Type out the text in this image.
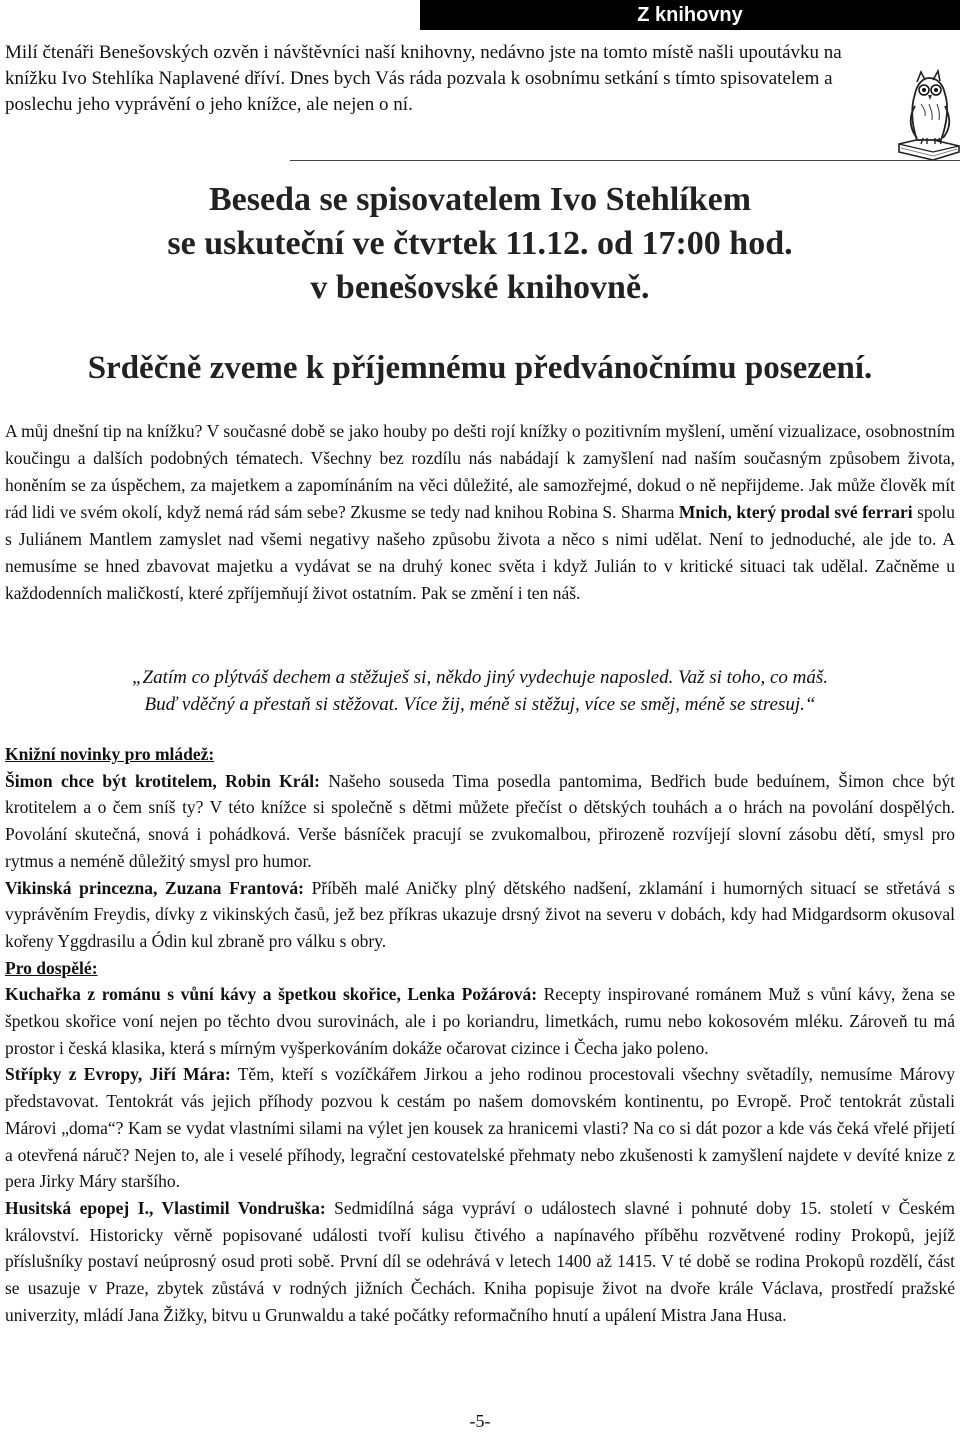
Z knihovny
Milí čtenáři Benešovských ozvěn i návštěvníci naší knihovny, nedávno jste na tomto místě našli upoutávku na knížku Ivo Stehlíka Naplavené dříví. Dnes bych Vás ráda pozvala k osobnímu setkání s tímto spisovatelem a poslechu jeho vyprávění o jeho knížce, ale nejen o ní.
Beseda se spisovatelem Ivo Stehlíkem
se uskuteční ve čtvrtek 11.12. od 17:00 hod.
v benešovské knihovně.
Srděčně zveme k příjemnému předvánočnímu posezení.
A můj dnešní tip na knížku? V současné době se jako houby po dešti rojí knížky o pozitivním myšlení, umění vizualizace, osobnostním koučingu a dalších podobných tématech. Všechny bez rozdílu nás nabádají k zamyšlení nad naším současným způsobem života, honěním se za úspěchem, za majetkem a zapomínáním na věci důležité, ale samozřejmé, dokud o ně nepřijdeme. Jak může člověk mít rád lidi ve svém okolí, když nemá rád sám sebe? Zkusme se tedy nad knihou Robina S. Sharma Mnich, který prodal své ferrari spolu s Juliánem Mantlem zamyslet nad všemi negativy našeho způsobu života a něco s nimi udělat. Není to jednoduché, ale jde to. A nemusíme se hned zbavovat majetku a vydávat se na druhý konec světa i když Julián to v kritické situaci tak udělal. Začněme u každodenních maličkostí, které zpříjemňují život ostatním. Pak se změní i ten náš.
„Zatím co plýtváš dechem a stěžuješ si, někdo jiný vydechuje naposled. Važ si toho, co máš.
Buď vděčný a přestaň si stěžovat. Více žij, méně si stěžuj, více se směj, méně se stresuj.“

Knižní novinky pro mládež:

Šimon chce být krotitelem, Robin Král: Našeho souseda Tima posedla pantomima, Bedřich bude beduínem, Šimon chce být krotitelem a o čem sníš ty? V této knížce si společně s dětmi můžete přečíst o dětských touhách a o hrách na povolání dospělých. Povolání skutečná, snová i pohádková. Verše básníček pracují se zvukomalbou, přirozeně rozvíjejí slovní zásobu dětí, smysl pro rytmus a neméně důležitý smysl pro humor.

Vikinská princezna, Zuzana Frantová: Příběh malé Aničky plný dětského nadšení, zklamání i humorných situací se střetává s vyprávěním Freydis, dívky z vikinských časů, jež bez příkras ukazuje drsný život na severu v dobách, kdy had Midgardsorm okusoval kořeny Yggdrasilu a Ódin kul zbraně pro válku s obry.

Pro dospělé:

Kuchařka z románu s vůní kávy a špetkou skořice, Lenka Požárová: Recepty inspirované románem Muž s vůní kávy, žena se špetkou skořice voní nejen po těchto dvou surovinách, ale i po koriandru, limetkách, rumu nebo kokosovém mléku. Zároveň tu má prostor i česká klasika, která s mírným vyšperkováním dokáže očarovat cizince i Čecha jako poleno.

Střípky z Evropy, Jiří Mára: Těm, kteří s vozíčkářem Jirkou a jeho rodinou procestovali všechny světadíly, nemusíme Márovy představovat. Tentokrát vás jejich příhody pozvou k cestám po našem domovském kontinentu, po Evropě. Proč tentokrát zůstali Márovi „doma“? Kam se vydat vlastními silami na výlet jen kousek za hranicemi vlasti? Na co si dát pozor a kde vás čeká vřelé přijetí a otevřená náruč? Nejen to, ale i veselé příhody, legrační cestovatelské přehmaty nebo zkušenosti k zamyšlení najdete v devíté knize z pera Jirky Máry staršího.

Husitská epopej I., Vlastimil Vondruška: Sedmidílná sága vypráví o událostech slavné i pohnuté doby 15. století v Českém království. Historicky věrně popisované události tvoří kulisu čtivého a napínavého příběhu rozvětvené rodiny Prokopů, jejíž příslušníky postaví neúprosný osud proti sobě. První díl se odehrává v letech 1400 až 1415. V té době se rodina Prokopů rozdělí, část se usazuje v Praze, zbytek zůstává v rodných jižních Čechách. Kniha popisuje život na dvoře krále Václava, prostředí pražské univerzity, mládí Jana Žižky, bitvu u Grunwaldu a také počátky reformačního hnutí a upálení Mistra Jana Husa.

-5-
